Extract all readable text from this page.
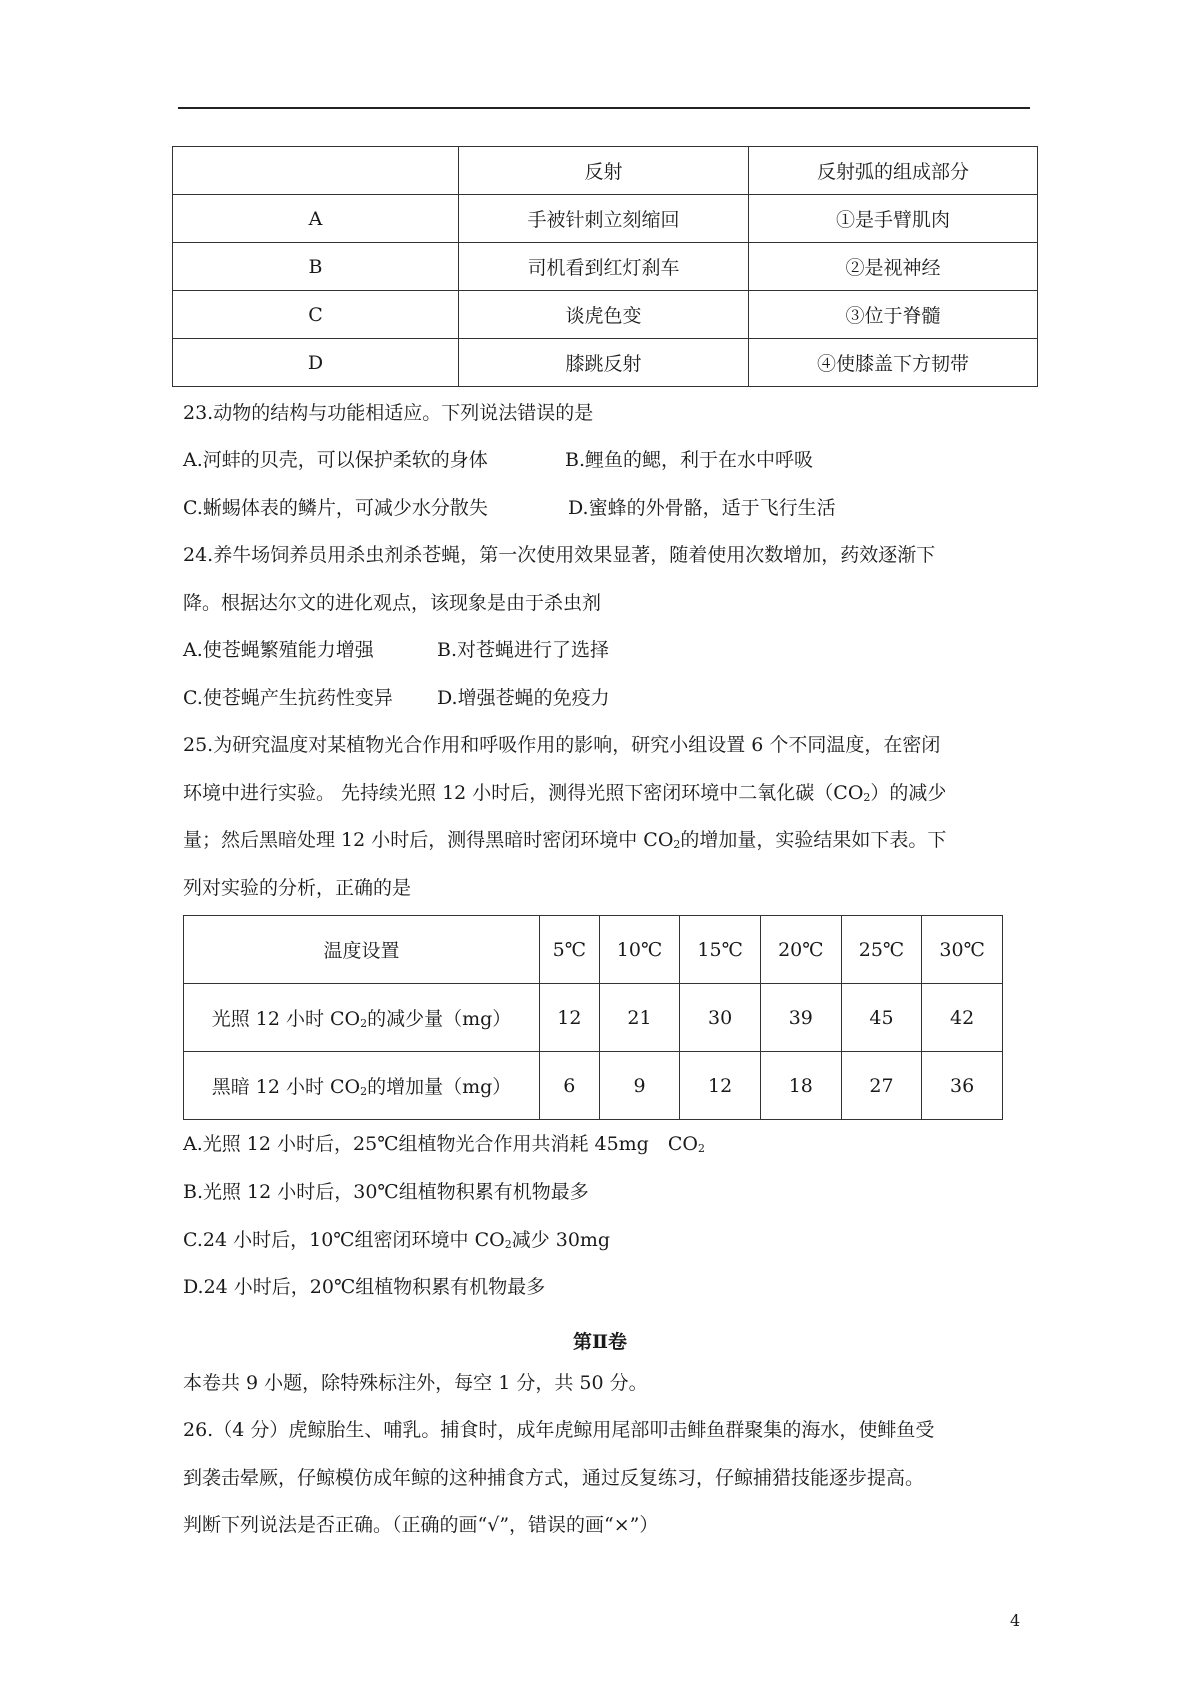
	反射	反射弧的组成部分
A	手被针刺立刻缩回	①是手臂肌肉
B	司机看到红灯刹车	②是视神经
C	谈虎色变	③位于脊髓
D	膝跳反射	④使膝盖下方韧带
23.动物的结构与功能相适应。下列说法错误的是
A.河蚌的贝壳，可以保护柔软的身体	B.鲤鱼的鳃，利于在水中呼吸
C.蜥蜴体表的鳞片，可减少水分散失	D.蜜蜂的外骨骼，适于飞行生活
24.养牛场饲养员用杀虫剂杀苍蝇，第一次使用效果显著，随着使用次数增加，药效逐渐下
降。根据达尔文的进化观点，该现象是由于杀虫剂
A.使苍蝇繁殖能力增强	B.对苍蝇进行了选择
C.使苍蝇产生抗药性变异 D.增强苍蝇的免疫力
25.为研究温度对某植物光合作用和呼吸作用的影响，研究小组设置 6 个不同温度，在密闭
环境中进行实验。 先持续光照 12 小时后，测得光照下密闭环境中二氧化碳$(CO_2)$的减少
量；然后黑暗处理 12 小时后，测得黑暗时密闭环境中 $CO_2$的增加量，实验结果如下表。下
列对实验的分析，正确的是
温度设置	5℃	10℃	15℃	20℃	25℃	30℃
光照 12 小时 $CO_2$的减少量（mg）	12	21	30	39	45	42
黑暗 12 小时 $CO_2$的增加量（mg）	6	9	12	18	27	36
A.光照 12 小时后，25℃组植物光合作用共消耗 45mg　$CO_2$
B.光照 12 小时后，30℃组植物积累有机物最多
C.24 小时后，10℃组密闭环境中 $CO_2$减少 30mg
D.24 小时后，20℃组植物积累有机物最多
第Ⅱ卷
本卷共 9 小题，除特殊标注外，每空 1 分，共 50 分。
26.（4 分）虎鲸胎生、哺乳。捕食时，成年虎鲸用尾部叩击鲱鱼群聚集的海水，使鲱鱼受
到袭击晕厥，仔鲸模仿成年鲸的这种捕食方式，通过反复练习，仔鲸捕猎技能逐步提高。
判断下列说法是否正确。（正确的画“√”，错误的画“×”）
4
